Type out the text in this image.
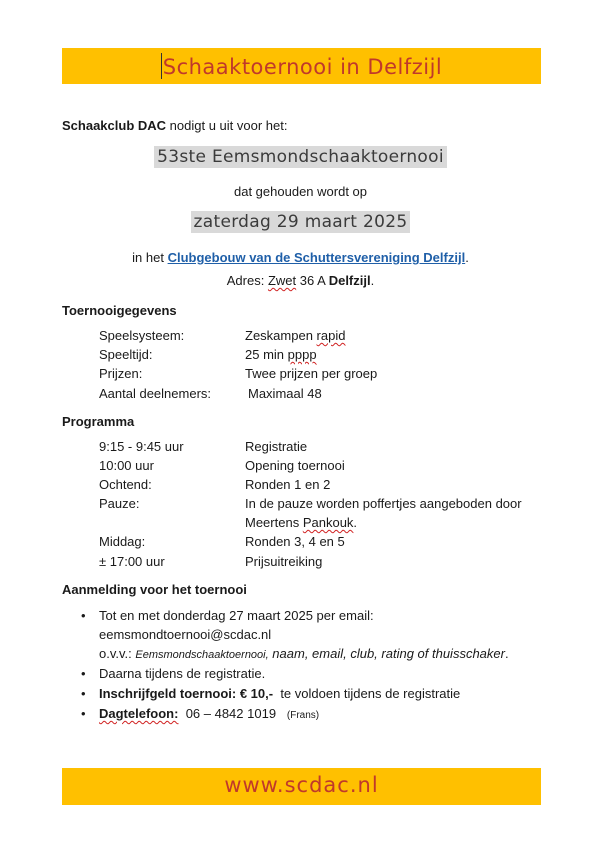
Schaaktoernooi in Delfzijl
Schaakclub DAC nodigt u uit voor het:
53ste Eemsmondschaaktoernooi
dat gehouden wordt op
zaterdag 29 maart 2025
in het Clubgebouw van de Schuttersvereniging Delfzijl.
Adres: Zwet 36 A Delfzijl.
Toernooigegevens
Speelsysteem:	Zeskampen rapid
Speeltijd:	25 min pppp
Prijzen:	Twee prijzen per groep
Aantal deelnemers:	Maximaal 48
Programma
9:15 - 9:45 uur	Registratie
10:00 uur	Opening toernooi
Ochtend:	Ronden 1 en 2
Pauze:	In de pauze worden poffertjes aangeboden door
Meertens Pankouk.
Middag:	Ronden 3, 4 en 5
± 17:00 uur	Prijsuitreiking
Aanmelding voor het toernooi
• Tot en met donderdag 27 maart 2025 per email:
eemsmondtoernooi@scdac.nl
o.v.v.: Eemsmondschaaktoernooi, naam, email, club, rating of thuisschaker.
• Daarna tijdens de registratie.
• Inschrijfgeld toernooi: € 10,- te voldoen tijdens de registratie
• Dagtelefoon: 06 – 4842 1019 (Frans)
www.scdac.nl
